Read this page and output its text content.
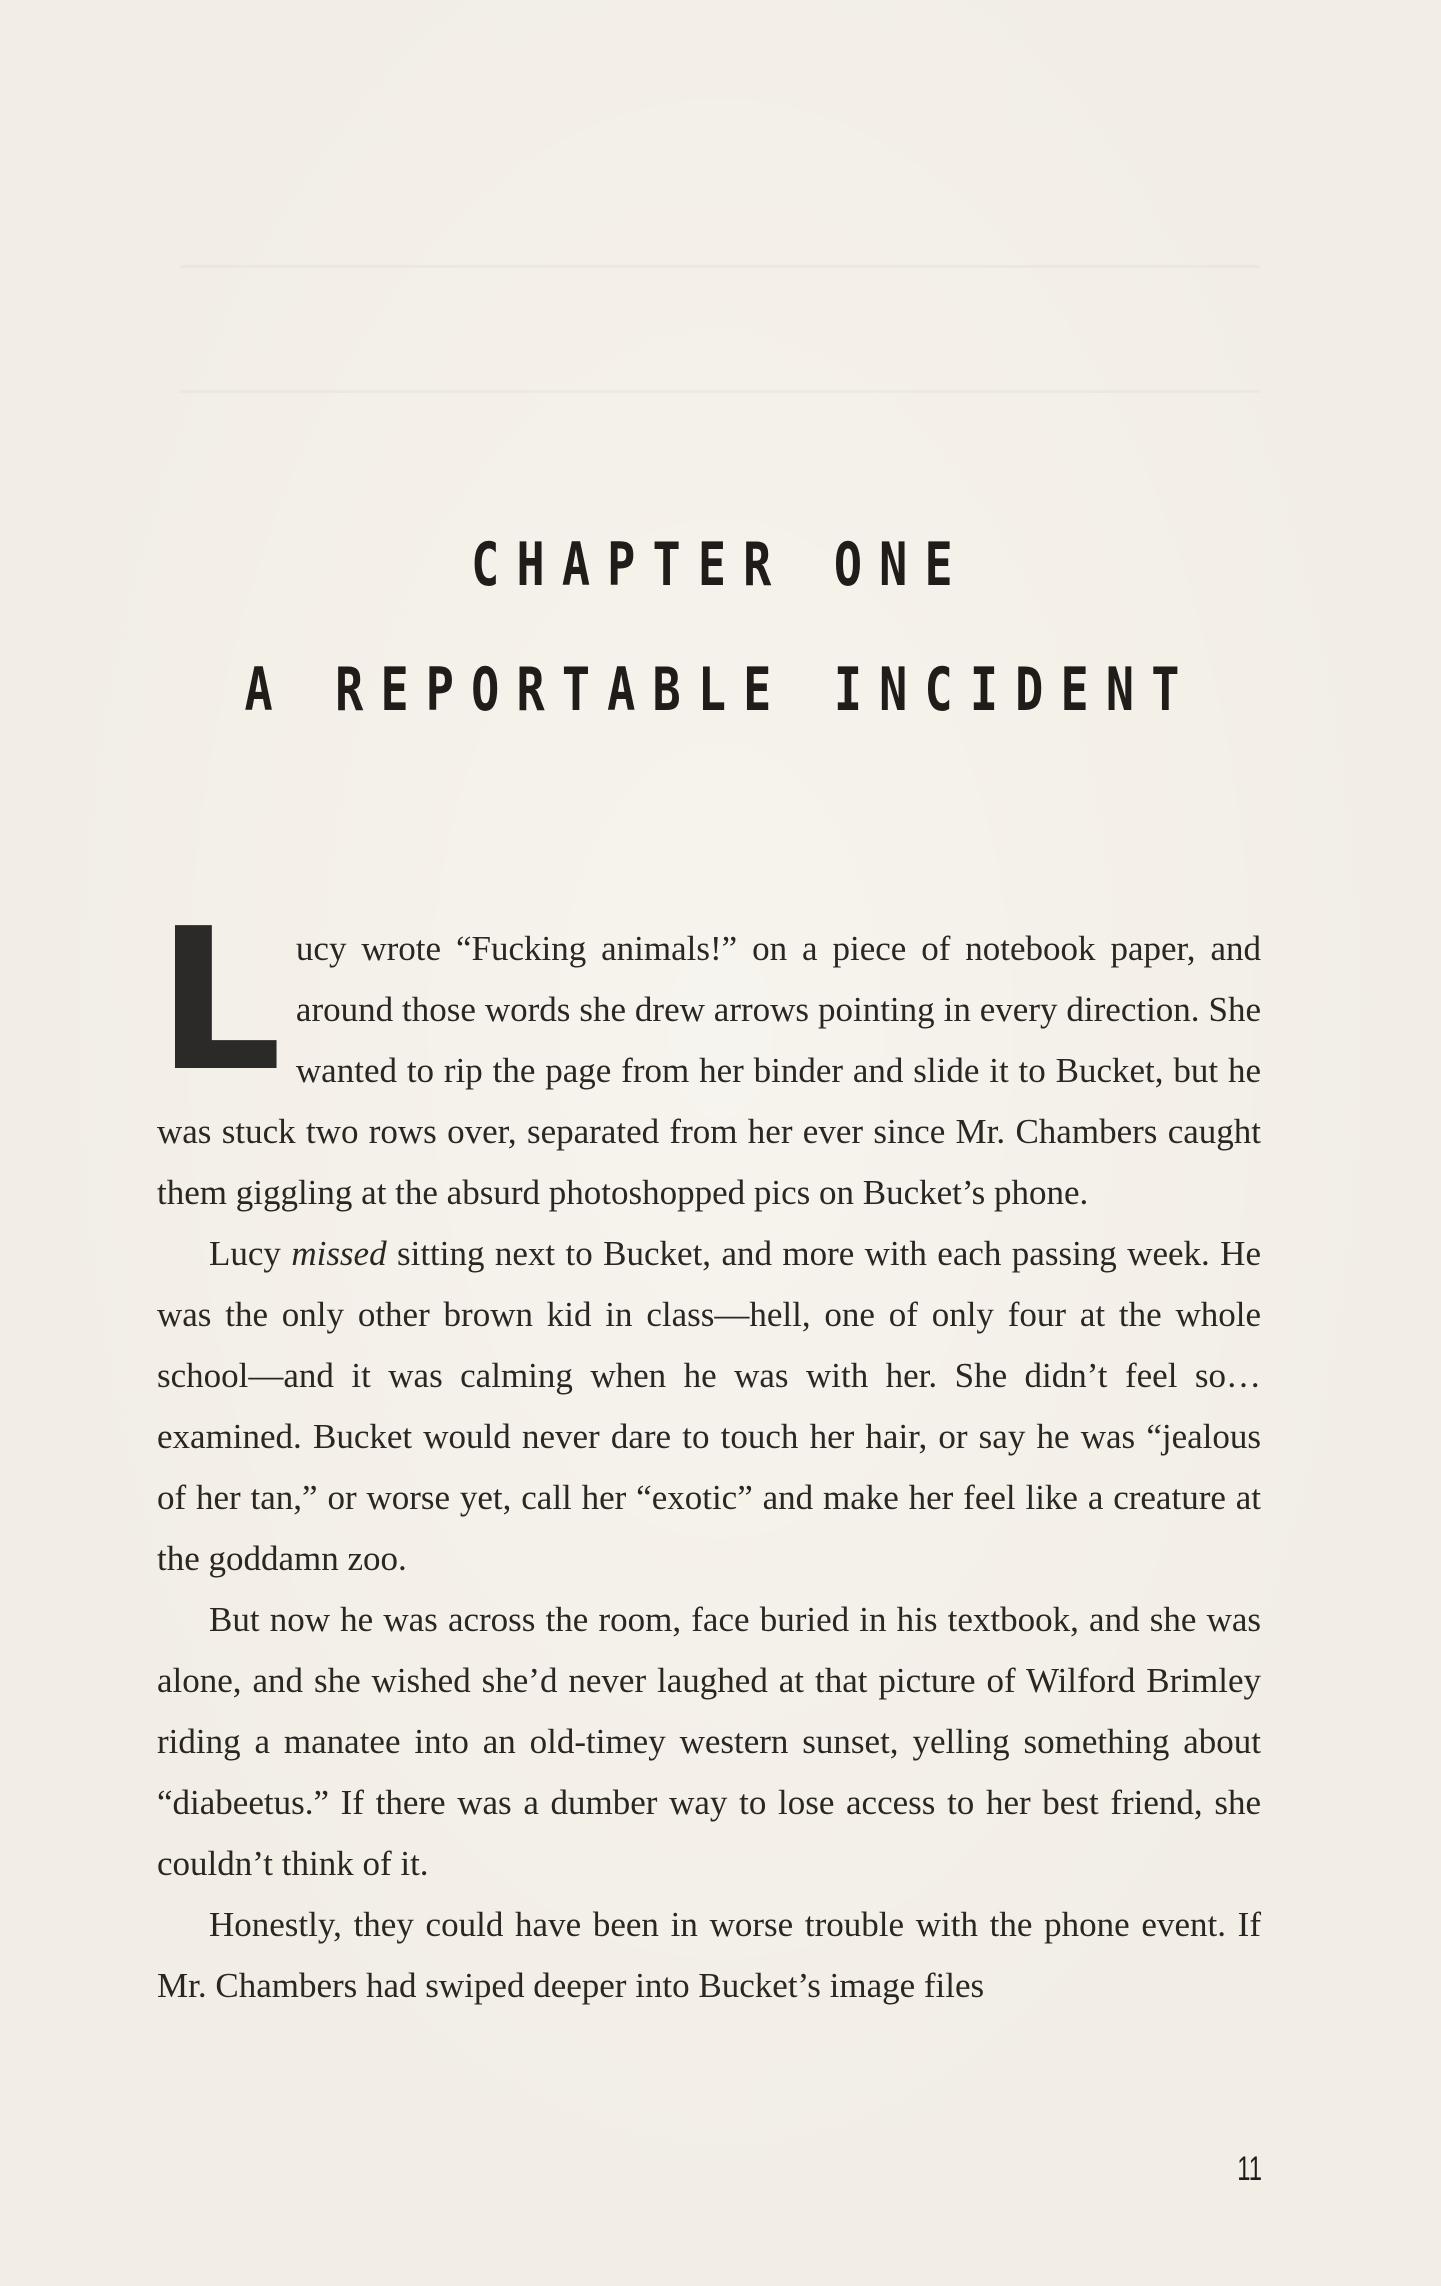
CHAPTER ONE
A REPORTABLE INCIDENT

Lucy wrote “Fucking animals!” on a piece of notebook paper, and around those words she drew arrows pointing in every direction. She wanted to rip the page from her binder and slide it to Bucket, but he was stuck two rows over, separated from her ever since Mr. Chambers caught them giggling at the absurd photoshopped pics on Bucket’s phone.

Lucy missed sitting next to Bucket, and more with each passing week. He was the only other brown kid in class—hell, one of only four at the whole school—and it was calming when he was with her. She didn’t feel so… examined. Bucket would never dare to touch her hair, or say he was “jealous of her tan,” or worse yet, call her “exotic” and make her feel like a creature at the goddamn zoo.

But now he was across the room, face buried in his textbook, and she was alone, and she wished she’d never laughed at that picture of Wilford Brimley riding a manatee into an old-timey western sunset, yelling something about “diabeetus.” If there was a dumber way to lose access to her best friend, she couldn’t think of it.

Honestly, they could have been in worse trouble with the phone event. If Mr. Chambers had swiped deeper into Bucket’s image files

11
